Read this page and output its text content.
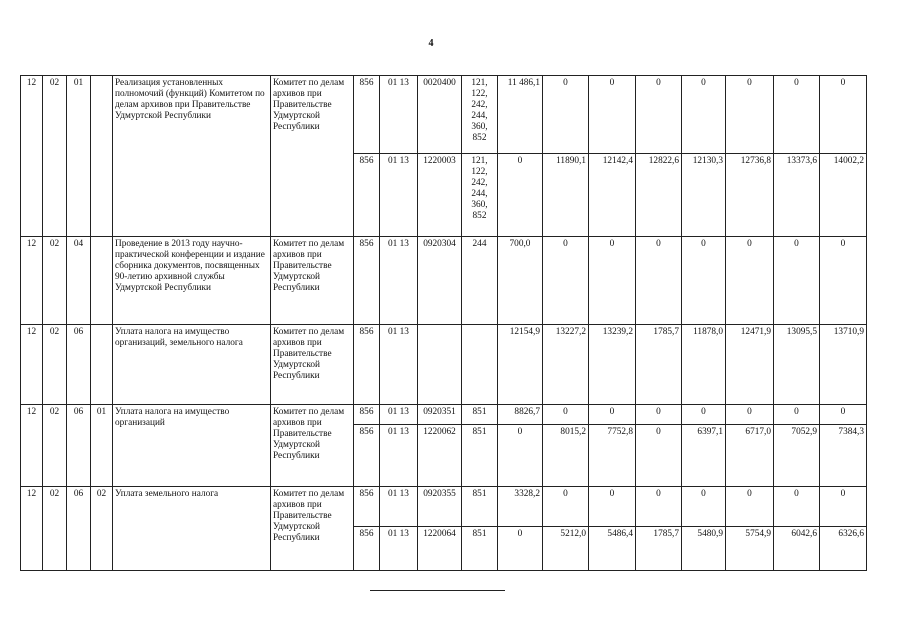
4
12	02	01		Реализация установленных полномочий (функций) Комитетом по делам архивов при Правительстве Удмуртской Республики	Комитет по делам архивов при Правительстве Удмуртской Республики	856	01 13	0020400	121, 122, 242, 244, 360, 852	11 486,1	0	0	0	0	0	0	0
						856	01 13	1220003	121, 122, 242, 244, 360, 852	0	11890,1	12142,4	12822,6	12130,3	12736,8	13373,6	14002,2
12	02	04		Проведение в 2013 году научно-практической конференции и издание сборника документов, посвященных 90-летию архивной службы Удмуртской Республики	Комитет по делам архивов при Правительстве Удмуртской Республики	856	01 13	0920304	244	700,0	0	0	0	0	0	0	0
12	02	06		Уплата налога на имущество организаций, земельного налога	Комитет по делам архивов при Правительстве Удмуртской Республики	856	01 13			12154,9	13227,2	13239,2	1785,7	11878,0	12471,9	13095,5	13710,9
12	02	06	01	Уплата налога на имущество организаций	Комитет по делам архивов при Правительстве Удмуртской Республики	856	01 13	0920351	851	8826,7	0	0	0	0	0	0	0
						856	01 13	1220062	851	0	8015,2	7752,8	0	6397,1	6717,0	7052,9	7384,3
12	02	06	02	Уплата земельного налога	Комитет по делам архивов при Правительстве Удмуртской Республики	856	01 13	0920355	851	3328,2	0	0	0	0	0	0	0
						856	01 13	1220064	851	0	5212,0	5486,4	1785,7	5480,9	5754,9	6042,6	6326,6
